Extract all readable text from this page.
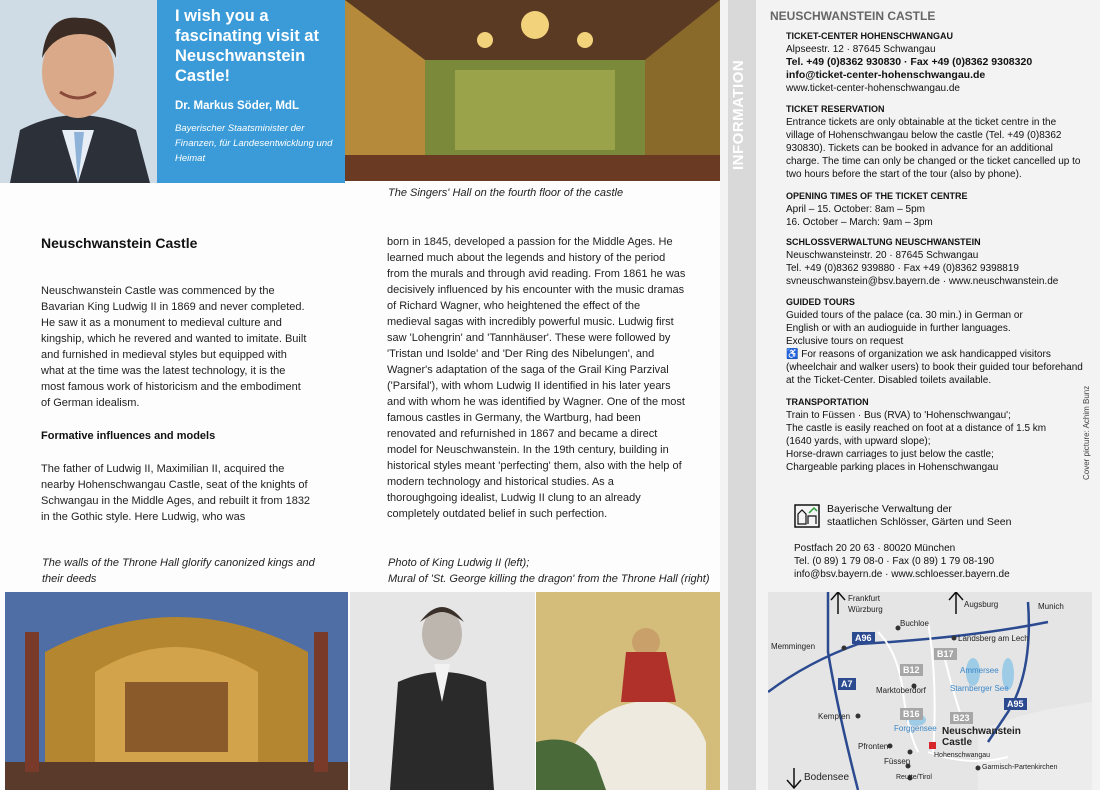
I wish you a fascinating visit at Neuschwanstein Castle!
Dr. Markus Söder, MdL
Bayerischer Staatsminister der Finanzen, für Landesentwicklung und Heimat
The Singers' Hall on the fourth floor of the castle
Neuschwanstein Castle
Neuschwanstein Castle was commenced by the Bavarian King Ludwig II in 1869 and never completed. He saw it as a monument to medieval culture and kingship, which he revered and wanted to imitate. Built and furnished in medieval styles but equipped with what at the time was the latest technology, it is the most famous work of historicism and the embodiment of German idealism.
Formative influences and models
The father of Ludwig II, Maximilian II, acquired the nearby Hohenschwangau Castle, seat of the knights of Schwangau in the Middle Ages, and rebuilt it from 1832 in the Gothic style. Here Ludwig, who was
born in 1845, developed a passion for the Middle Ages. He learned much about the legends and history of the period from the murals and through avid reading. From 1861 he was decisively influenced by his encounter with the music dramas of Richard Wagner, who heightened the effect of the medieval sagas with incredibly powerful music. Ludwig first saw 'Lohengrin' and 'Tannhäuser'. These were followed by 'Tristan und Isolde' and 'Der Ring des Nibelungen', and Wagner's adaptation of the saga of the Grail King Parzival ('Parsifal'), with whom Ludwig II identified in his later years and with whom he was identified by Wagner. One of the most famous castles in Germany, the Wartburg, had been renovated and refurnished in 1867 and became a direct model for Neuschwanstein. In the 19th century, building in historical styles meant 'perfecting' them, also with the help of modern technology and historical studies. As a thoroughgoing idealist, Ludwig II clung to an already completely outdated belief in such perfection.
The walls of the Throne Hall glorify canonized kings and their deeds
Photo of King Ludwig II (left);
Mural of 'St. George killing the dragon' from the Throne Hall (right)
NEUSCHWANSTEIN CASTLE
TICKET-CENTER HOHENSCHWANGAU
Alpseestr. 12 · 87645 Schwangau
Tel. +49 (0)8362 930830 · Fax +49 (0)8362 9308320
info@ticket-center-hohenschwangau.de
www.ticket-center-hohenschwangau.de
TICKET RESERVATION
Entrance tickets are only obtainable at the ticket centre in the village of Hohenschwangau below the castle (Tel. +49 (0)8362 930830). Tickets can be booked in advance for an additional charge. The time can only be changed or the ticket cancelled up to two hours before the start of the tour (also by phone).
OPENING TIMES OF THE TICKET CENTRE
April – 15. October: 8am – 5pm
16. October – March: 9am – 3pm
SCHLOSSVERWALTUNG NEUSCHWANSTEIN
Neuschwansteinstr. 20 · 87645 Schwangau
Tel. +49 (0)8362 939880 · Fax +49 (0)8362 9398819
svneuschwanstein@bsv.bayern.de · www.neuschwanstein.de
GUIDED TOURS
Guided tours of the palace (ca. 30 min.) in German or
English or with an audioguide in further languages.
Exclusive tours on request
♿ For reasons of organization we ask handicapped visitors (wheelchair and walker users) to book their guided tour beforehand at the Ticket-Center. Disabled toilets available.
TRANSPORTATION
Train to Füssen · Bus (RVA) to 'Hohenschwangau';
The castle is easily reached on foot at a distance of 1.5 km
(1640 yards, with upward slope);
Horse-drawn carriages to just below the castle;
Chargeable parking places in Hohenschwangau
Bayerische Verwaltung der
staatlichen Schlösser, Gärten und Seen
Postfach 20 20 63 · 80020 München
Tel. (0 89) 1 79 08-0 · Fax (0 89) 1 79 08-190
info@bsv.bayern.de · www.schloesser.bayern.de
Cover picture: Achim Bunz
Frankfurt
Würzburg
Augsburg	Munich
Memmingen
Buchloe
Landsberg am Lech
Ammersee
Starnberger See
Marktoberdorf
Kempten
Forggensee
Pfronten
Füssen
Hohenschwangau
Neuschwanstein
Castle
Garmisch-Partenkirchen
Reutte/Tirol
Bodensee
A96
A7
A95
B12
B16
B17
B23
